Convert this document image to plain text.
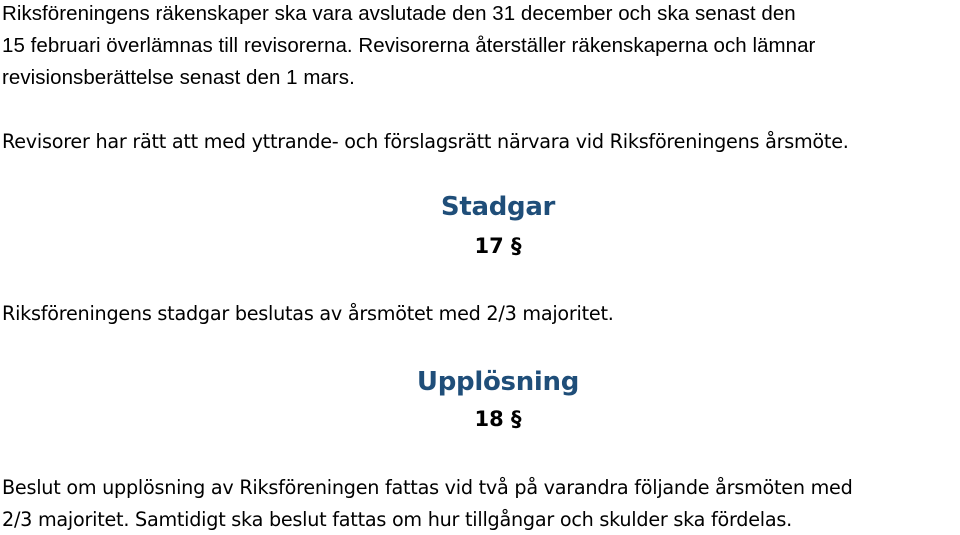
Riksföreningens räkenskaper ska vara avslutade den 31 december och ska senast den
15 februari överlämnas till revisorerna. Revisorerna återställer räkenskaperna och lämnar
revisionsberättelse senast den 1 mars.
Revisorer har rätt att med yttrande- och förslagsrätt närvara vid Riksföreningens årsmöte.
Stadgar
17 §
Riksföreningens stadgar beslutas av årsmötet med 2/3 majoritet.
Upplösning
18 §
Beslut om upplösning av Riksföreningen fattas vid två på varandra följande årsmöten med
2/3 majoritet. Samtidigt ska beslut fattas om hur tillgångar och skulder ska fördelas.
